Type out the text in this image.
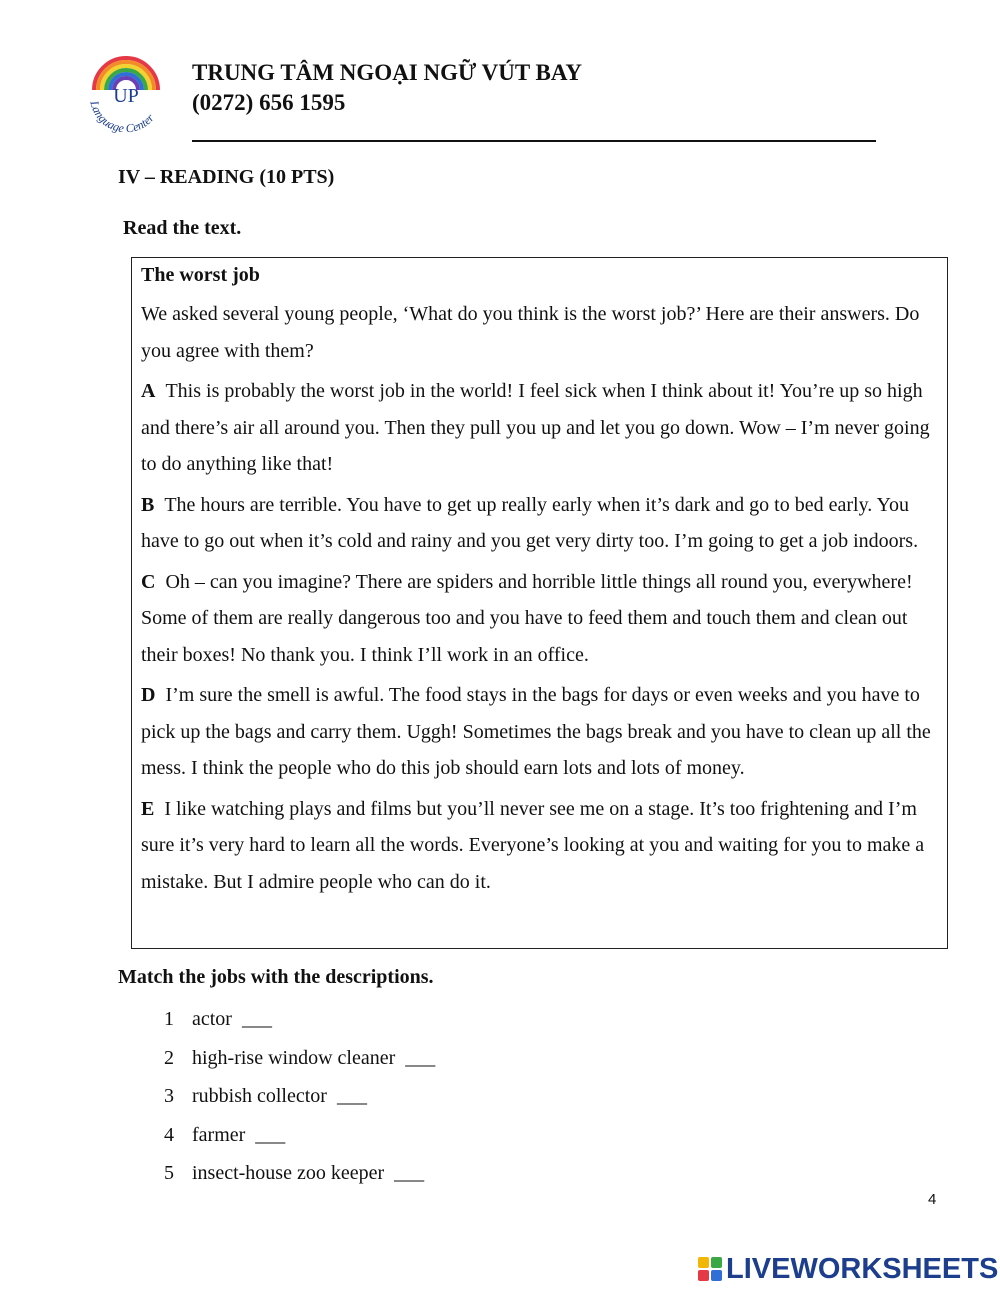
UP
Language Center
TRUNG TÂM NGOẠI NGỮ VÚT BAY
(0272) 656 1595
IV – READING (10 PTS)
Read the text.
The worst job
We asked several young people, ‘What do you think is the worst job?’ Here are their answers. Do you agree with them?
A This is probably the worst job in the world! I feel sick when I think about it! You’re up so high and there’s air all around you. Then they pull you up and let you go down. Wow – I’m never going to do anything like that!
B The hours are terrible. You have to get up really early when it’s dark and go to bed early. You have to go out when it’s cold and rainy and you get very dirty too. I’m going to get a job indoors.
C Oh – can you imagine? There are spiders and horrible little things all round you, everywhere! Some of them are really dangerous too and you have to feed them and touch them and clean out their boxes! No thank you. I think I’ll work in an office.
D I’m sure the smell is awful. The food stays in the bags for days or even weeks and you have to pick up the bags and carry them. Uggh! Sometimes the bags break and you have to clean up all the mess. I think the people who do this job should earn lots and lots of money.
E I like watching plays and films but you’ll never see me on a stage. It’s too frightening and I’m sure it’s very hard to learn all the words. Everyone’s looking at you and waiting for you to make a mistake. But I admire people who can do it.
Match the jobs with the descriptions.
1 actor ___
2 high-rise window cleaner ___
3 rubbish collector ___
4 farmer ___
5 insect-house zoo keeper ___
4
LIVEWORKSHEETS
